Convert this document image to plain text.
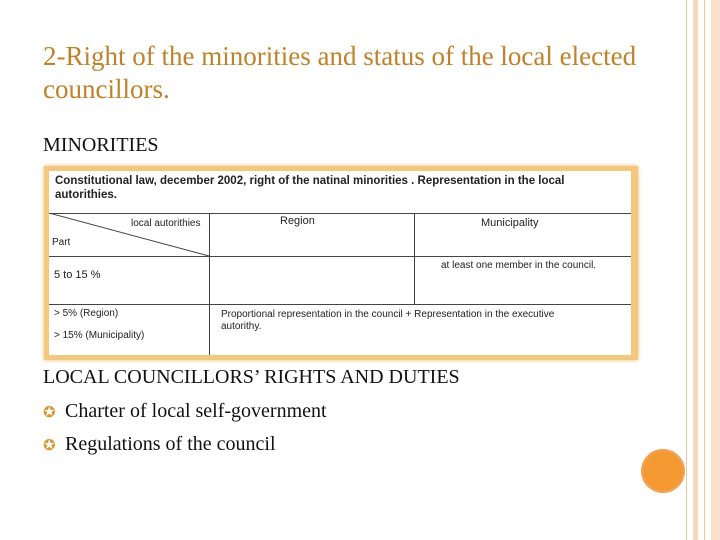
2-Right of the minorities and status of the local elected councillors.
MINORITIES
Constitutional law, december 2002, right of the natinal minorities . Representation in the local autorithies.
local autorithies
Part
Region	Municipality
5 to 15 %
at least one member in the council.
> 5% (Region)
> 15% (Municipality)
Proportional representation in the council + Representation in the executive autorithy.
LOCAL COUNCILLORS’ RIGHTS AND DUTIES
✪ Charter of local self-government
✪ Regulations of the council
